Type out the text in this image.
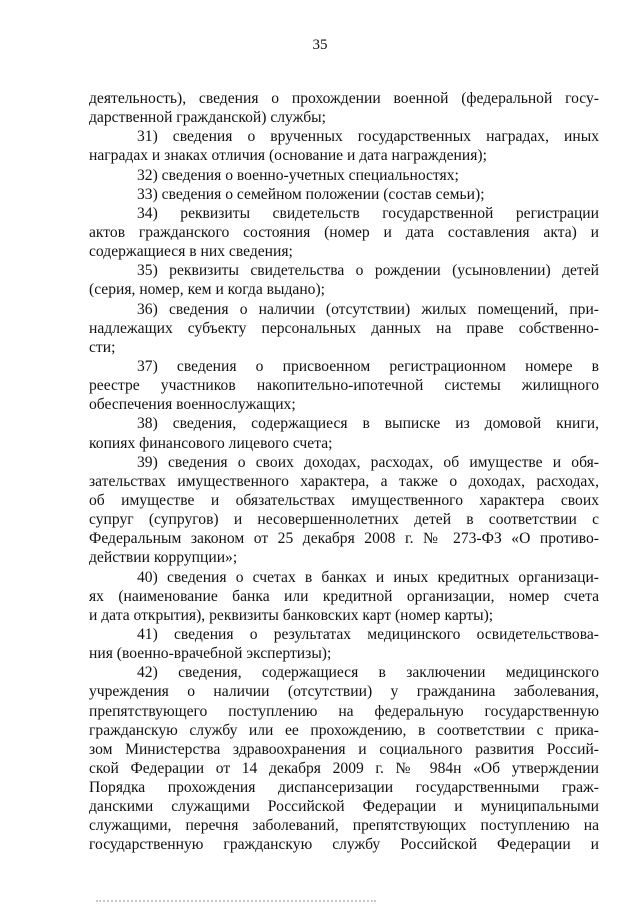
35
деятельность), сведения о прохождении военной (федеральной госу-
дарственной гражданской) службы;
31) сведения о врученных государственных наградах, иных
наградах и знаках отличия (основание и дата награждения);
32) сведения о военно-учетных специальностях;
33) сведения о семейном положении (состав семьи);
34) реквизиты свидетельств государственной регистрации
актов гражданского состояния (номер и дата составления акта) и
содержащиеся в них сведения;
35) реквизиты свидетельства о рождении (усыновлении) детей
(серия, номер, кем и когда выдано);
36) сведения о наличии (отсутствии) жилых помещений, при-
надлежащих субъекту персональных данных на праве собственно-
сти;
37) сведения о присвоенном регистрационном номере в
реестре участников накопительно-ипотечной системы жилищного
обеспечения военнослужащих;
38) сведения, содержащиеся в выписке из домовой книги,
копиях финансового лицевого счета;
39) сведения о своих доходах, расходах, об имуществе и обя-
зательствах имущественного характера, а также о доходах, расходах,
об имуществе и обязательствах имущественного характера своих
супруг (супругов) и несовершеннолетних детей в соответствии с
Федеральным законом от 25 декабря 2008 г. № 273-ФЗ «О противо-
действии коррупции»;
40) сведения о счетах в банках и иных кредитных организаци-
ях (наименование банка или кредитной организации, номер счета
и дата открытия), реквизиты банковских карт (номер карты);
41) сведения о результатах медицинского освидетельствова-
ния (военно-врачебной экспертизы);
42) сведения, содержащиеся в заключении медицинского
учреждения о наличии (отсутствии) у гражданина заболевания,
препятствующего поступлению на федеральную государственную
гражданскую службу или ее прохождению, в соответствии с прика-
зом Министерства здравоохранения и социального развития Россий-
ской Федерации от 14 декабря 2009 г. № 984н «Об утверждении
Порядка прохождения диспансеризации государственными граж-
данскими служащими Российской Федерации и муниципальными
служащими, перечня заболеваний, препятствующих поступлению на
государственную гражданскую службу Российской Федерации и
